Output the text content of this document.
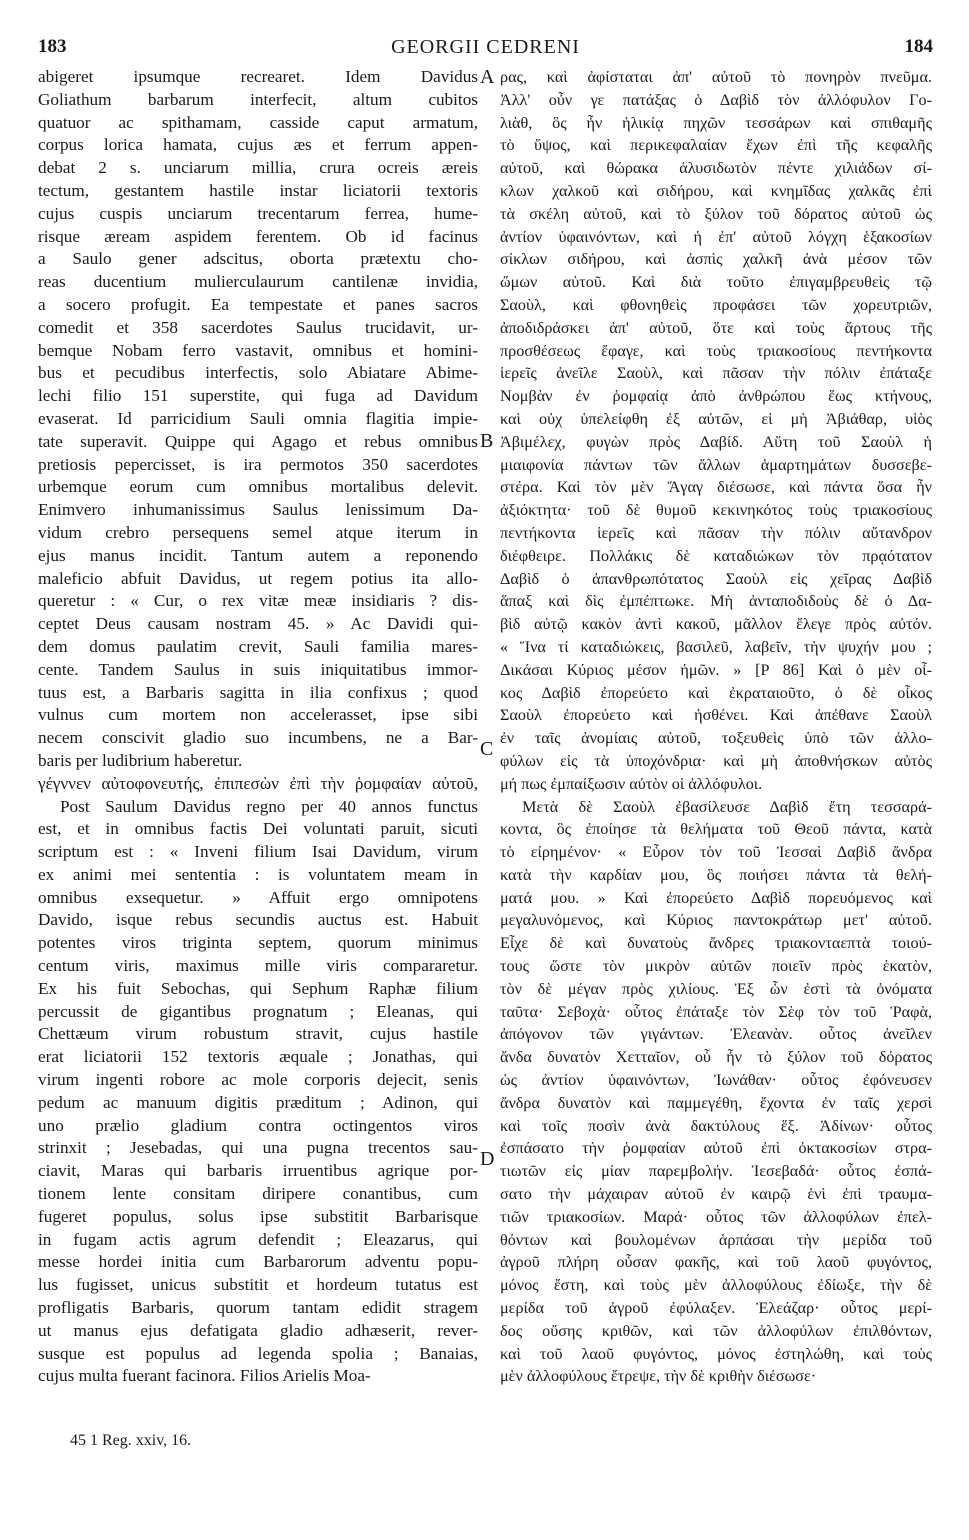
183	GEORGII CEDRENI	184
abigeret ipsumque recrearet. Idem Davidus
Goliathum barbarum interfecit, altum cubitos
quatuor ac spithamam, casside caput armatum,
corpus lorica hamata, cujus æs et ferrum appen-
debat 2 s. unciarum millia, crura ocreis æreis
tectum, gestantem hastile instar liciatorii textoris
cujus cuspis unciarum trecentarum ferrea, hume-
risque æream aspidem ferentem. Ob id facinus
a Saulo gener adscitus, oborta prætextu cho-
reas ducentium mulierculaurum cantilenæ invidia,
a socero profugit. Ea tempestate et panes sacros
comedit et 358 sacerdotes Saulus trucidavit, ur-
bemque Nobam ferro vastavit, omnibus et homini-
bus et pecudibus interfectis, solo Abiatare Abime-
lechi filio 151 superstite, qui fuga ad Davidum
evaserat. Id parricidium Sauli omnia flagitia impie-
tate superavit. Quippe qui Agago et rebus omnibus
pretiosis pepercisset, is ira permotos 350 sacerdotes
urbemque eorum cum omnibus mortalibus delevit.
Enimvero inhumanissimus Saulus lenissimum Da-
vidum crebro persequens semel atque iterum in
ejus manus incidit. Tantum autem a reponendo
maleficio abfuit Davidus, ut regem potius ita allo-
queretur : « Cur, o rex vitæ meæ insidiaris ? dis-
ceptet Deus causam nostram 45. » Ac Davidi qui-
dem domus paulatim crevit, Sauli familia mares-
cente. Tandem Saulus in suis iniquitatibus immor-
tuus est, a Barbaris sagitta in ilia confixus ; quod
vulnus cum mortem non accelerasset, ipse sibi
necem conscivit gladio suo incumbens, ne a Bar-
baris per ludibrium haberetur.
γέγννεν αὐτοφονευτής, ἐπιπεσὼν ἐπὶ τὴν ῥομφαίαν αὐτοῦ,
Post Saulum Davidus regno per 40 annos functus
est, et in omnibus factis Dei voluntati paruit, sicuti
scriptum est : « Inveni filium Isai Davidum, virum
ex animi mei sententia : is voluntatem meam in
omnibus exsequetur. » Affuit ergo omnipotens
Davido, isque rebus secundis auctus est. Habuit
potentes viros triginta septem, quorum minimus
centum viris, maximus mille viris compararetur.
Ex his fuit Sebochas, qui Sephum Raphæ filium
percussit de gigantibus prognatum ; Eleanas, qui
Chettæum virum robustum stravit, cujus hastile
erat liciatorii 152 textoris æquale ; Jonathas, qui
virum ingenti robore ac mole corporis dejecit, senis
pedum ac manuum digitis præditum ; Adinon, qui
uno prælio gladium contra octingentos viros
strinxit ; Jesebadas, qui una pugna trecentos sau-
ciavit, Maras qui barbaris irruentibus agrique por-
tionem lente consitam diripere conantibus, cum
fugeret populus, solus ipse substitit Barbarisque
in fugam actis agrum defendit ; Eleazarus, qui
messe hordei initia cum Barbarorum adventu popu-
lus fugisset, unicus substitit et hordeum tutatus est
profligatis Barbaris, quorum tantam edidit stragem
ut manus ejus defatigata gladio adhæserit, rever-
susque est populus ad legenda spolia ; Banaias,
cujus multa fuerant facinora. Filios Arielis Moa-
ρας, καὶ ἀφίσταται ἀπ' αὐτοῦ τὸ πονηρὸν πνεῦμα.
Ἀλλ' οὖν γε πατάξας ὁ Δαβὶδ τὸν ἀλλόφυλον Γο-
λιὰθ, ὃς ἦν ἡλικίᾳ πηχῶν τεσσάρων καὶ σπιθαμῆς
τὸ ὕψος, καὶ περικεφαλαίαν ἔχων ἐπὶ τῆς κεφαλῆς
αὐτοῦ, καὶ θώρακα ἁλυσιδωτὸν πέντε χιλιάδων σί-
κλων χαλκοῦ καὶ σιδήρου, καὶ κνημῖδας χαλκᾶς ἐπὶ
τὰ σκέλη αὐτοῦ, καὶ τὸ ξύλον τοῦ δόρατος αὐτοῦ ὡς
ἀντίον ὑφαινόντων, καὶ ἡ ἐπ' αὐτοῦ λόγχη ἑξακοσίων
σίκλων σιδήρου, καὶ ἀσπὶς χαλκῆ ἀνὰ μέσον τῶν
ὤμων αὐτοῦ. Καὶ διὰ τοῦτο ἐπιγαμβρευθεὶς τῷ
Σαοὺλ, καὶ φθονηθεὶς προφάσει τῶν χορευτριῶν,
ἀποδιδράσκει ἀπ' αὐτοῦ, ὅτε καὶ τοὺς ἄρτους τῆς
προσθέσεως ἔφαγε, καὶ τοὺς τριακοσίους πεντήκοντα
ἱερεῖς ἀνεῖλε Σαοὺλ, καὶ πᾶσαν τὴν πόλιν ἐπάταξε
Νομβὰν ἐν ῥομφαίᾳ ἀπὸ ἀνθρώπου ἕως κτήνους,
καὶ οὐχ ὑπελείφθη ἐξ αὐτῶν, εἰ μὴ Ἀβιάθαρ, υἱὸς
Ἀβιμέλεχ, φυγὼν πρὸς Δαβίδ. Αὕτη τοῦ Σαοὺλ ἡ
μιαιφονία πάντων τῶν ἄλλων ἁμαρτημάτων δυσσεβε-
στέρα. Καὶ τὸν μὲν Ἄγαγ διέσωσε, καὶ πάντα ὅσα ἦν
ἀξιόκτητα· τοῦ δὲ θυμοῦ κεκινηκότος τοὺς τριακοσίους
πεντήκοντα ἱερεῖς καὶ πᾶσαν τὴν πόλιν αὔτανδρον
διέφθειρε. Πολλάκις δὲ καταδιώκων τὸν πρᾳότατον
Δαβὶδ ὁ ἀπανθρωπότατος Σαοὺλ εἰς χεῖρας Δαβὶδ
ἅπαξ καὶ δὶς ἐμπέπτωκε. Μὴ ἀνταποδιδοὺς δὲ ὁ Δα-
βὶδ αὐτῷ κακὸν ἀντὶ κακοῦ, μᾶλλον ἔλεγε πρὸς αὐτόν.
« Ἵνα τί καταδιώκεις, βασιλεῦ, λαβεῖν, τὴν ψυχήν μου ;
Δικάσαι Κύριος μέσον ἡμῶν. » [P 86] Καὶ ὁ μὲν οἶ-
κος Δαβὶδ ἐπορεύετο καὶ ἐκραταιοῦτο, ὁ δὲ οἶκος
Σαοὺλ ἐπορεύετο καὶ ἠσθένει. Καὶ ἀπέθανε Σαοὺλ
ἐν ταῖς ἀνομίαις αὐτοῦ, τοξευθεὶς ὑπὸ τῶν ἀλλο-
φύλων εἰς τὰ ὑποχόνδρια· καὶ μὴ ἀποθνήσκων αὐτὸς
μή πως ἐμπαίξωσιν αὐτὸν οἱ ἀλλόφυλοι.
Μετὰ δὲ Σαοὺλ ἐβασίλευσε Δαβὶδ ἔτη τεσσαρά-
κοντα, ὃς ἐποίησε τὰ θελήματα τοῦ Θεοῦ πάντα, κατὰ
τὸ εἰρημένον· « Εὗρον τὸν τοῦ Ἰεσσαὶ Δαβὶδ ἄνδρα
κατὰ τὴν καρδίαν μου, ὃς ποιήσει πάντα τὰ θελή-
ματά μου. » Καὶ ἐπορεύετο Δαβὶδ πορευόμενος καὶ
μεγαλυνόμενος, καὶ Κύριος παντοκράτωρ μετ' αὐτοῦ.
Εἶχε δὲ καὶ δυνατοὺς ἄνδρες τριακονταεπτὰ τοιού-
τους ὥστε τὸν μικρὸν αὐτῶν ποιεῖν πρὸς ἑκατὸν,
τὸν δὲ μέγαν πρὸς χιλίους. Ἐξ ὧν ἐστὶ τὰ ὀνόματα
ταῦτα· Σεβοχὰ· οὗτος ἐπάταξε τὸν Σὲφ τὸν τοῦ Ῥαφὰ,
ἀπόγονον τῶν γιγάντων. Ἐλεανὰν. οὗτος ἀνεῖλεν
ἄνδα δυνατὸν Χετταῖον, οὗ ἦν τὸ ξύλον τοῦ δόρατος
ὡς ἀντίον ὑφαινόντων, Ἰωνάθαν· οὗτος ἐφόνευσεν
ἄνδρα δυνατὸν καὶ παμμεγέθη, ἔχοντα ἐν ταῖς χερσὶ
καὶ τοῖς ποσὶν ἀνὰ δακτύλους ἕξ. Ἀδίνων· οὗτος
ἐσπάσατο τὴν ῥομφαίαν αὐτοῦ ἐπὶ ὀκτακοσίων στρα-
τιωτῶν εἰς μίαν παρεμβολήν. Ἰεσεβαδά· οὗτος ἐσπά-
σατο τὴν μάχαιραν αὐτοῦ ἐν καιρῷ ἑνὶ ἐπὶ τραυμα-
τιῶν τριακοσίων. Μαρά· οὗτος τῶν ἀλλοφύλων ἐπελ-
θόντων καὶ βουλομένων ἁρπάσαι τὴν μερίδα τοῦ
ἀγροῦ πλήρη οὖσαν φακῆς, καὶ τοῦ λαοῦ φυγόντος,
μόνος ἔστη, καὶ τοὺς μὲν ἀλλοφύλους ἐδίωξε, τὴν δὲ
μερίδα τοῦ ἀγροῦ ἐφύλαξεν. Ἐλεάζαρ· οὗτος μερί-
δος οὔσης κριθῶν, καὶ τῶν ἀλλοφύλων ἐπιλθόντων,
καὶ τοῦ λαοῦ φυγόντος, μόνος ἐστηλώθη, καὶ τοὺς
μὲν ἀλλοφύλους ἔτρεψε, τὴν δὲ κριθὴν διέσωσε·
A
B
C
D
45 1 Reg. xxiv, 16.
